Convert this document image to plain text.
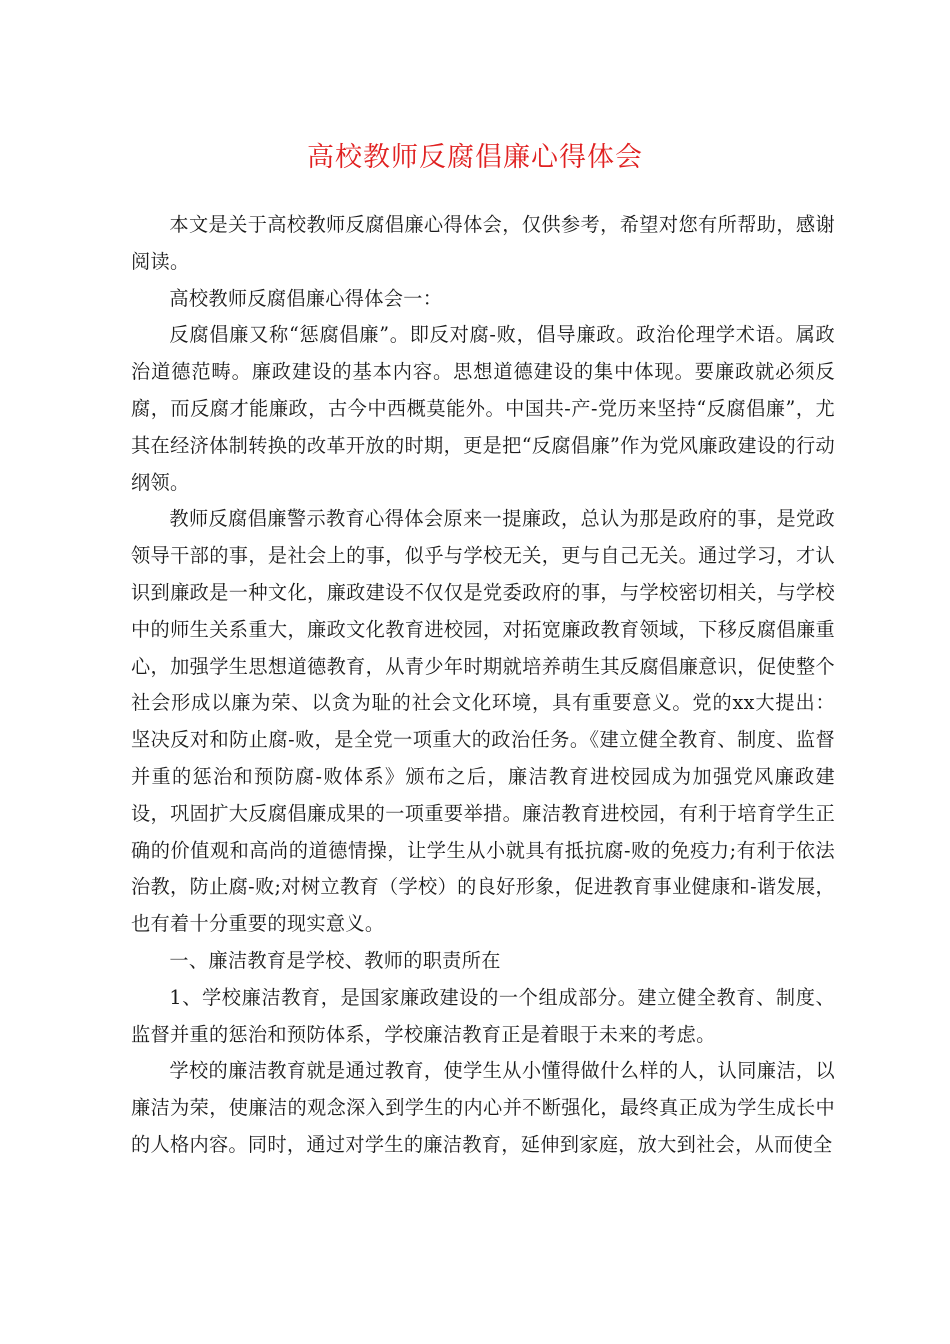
高校教师反腐倡廉心得体会

本文是关于高校教师反腐倡廉心得体会，仅供参考，希望对您有所帮助，感谢阅读。

高校教师反腐倡廉心得体会一：

反腐倡廉又称“惩腐倡廉”。即反对腐-败，倡导廉政。政治伦理学术语。属政治道德范畴。廉政建设的基本内容。思想道德建设的集中体现。要廉政就必须反腐，而反腐才能廉政，古今中西概莫能外。中国共-产-党历来坚持“反腐倡廉”，尤其在经济体制转换的改革开放的时期，更是把“反腐倡廉”作为党风廉政建设的行动纲领。

教师反腐倡廉警示教育心得体会原来一提廉政，总认为那是政府的事，是党政领导干部的事，是社会上的事，似乎与学校无关，更与自己无关。通过学习，才认识到廉政是一种文化，廉政建设不仅仅是党委政府的事，与学校密切相关，与学校中的师生关系重大，廉政文化教育进校园，对拓宽廉政教育领域，下移反腐倡廉重心，加强学生思想道德教育，从青少年时期就培养萌生其反腐倡廉意识，促使整个社会形成以廉为荣、以贪为耻的社会文化环境，具有重要意义。党的xx大提出：坚决反对和防止腐-败，是全党一项重大的政治任务。《建立健全教育、制度、监督并重的惩治和预防腐-败体系》颁布之后，廉洁教育进校园成为加强党风廉政建设，巩固扩大反腐倡廉成果的一项重要举措。廉洁教育进校园，有利于培育学生正确的价值观和高尚的道德情操，让学生从小就具有抵抗腐-败的免疫力;有利于依法治教，防止腐-败;对树立教育（学校）的良好形象，促进教育事业健康和-谐发展，也有着十分重要的现实意义。

一、廉洁教育是学校、教师的职责所在

1、学校廉洁教育，是国家廉政建设的一个组成部分。建立健全教育、制度、监督并重的惩治和预防体系，学校廉洁教育正是着眼于未来的考虑。

学校的廉洁教育就是通过教育，使学生从小懂得做什么样的人，认同廉洁，以廉洁为荣，使廉洁的观念深入到学生的内心并不断强化，最终真正成为学生成长中的人格内容。同时，通过对学生的廉洁教育，延伸到家庭，放大到社会，从而使全
